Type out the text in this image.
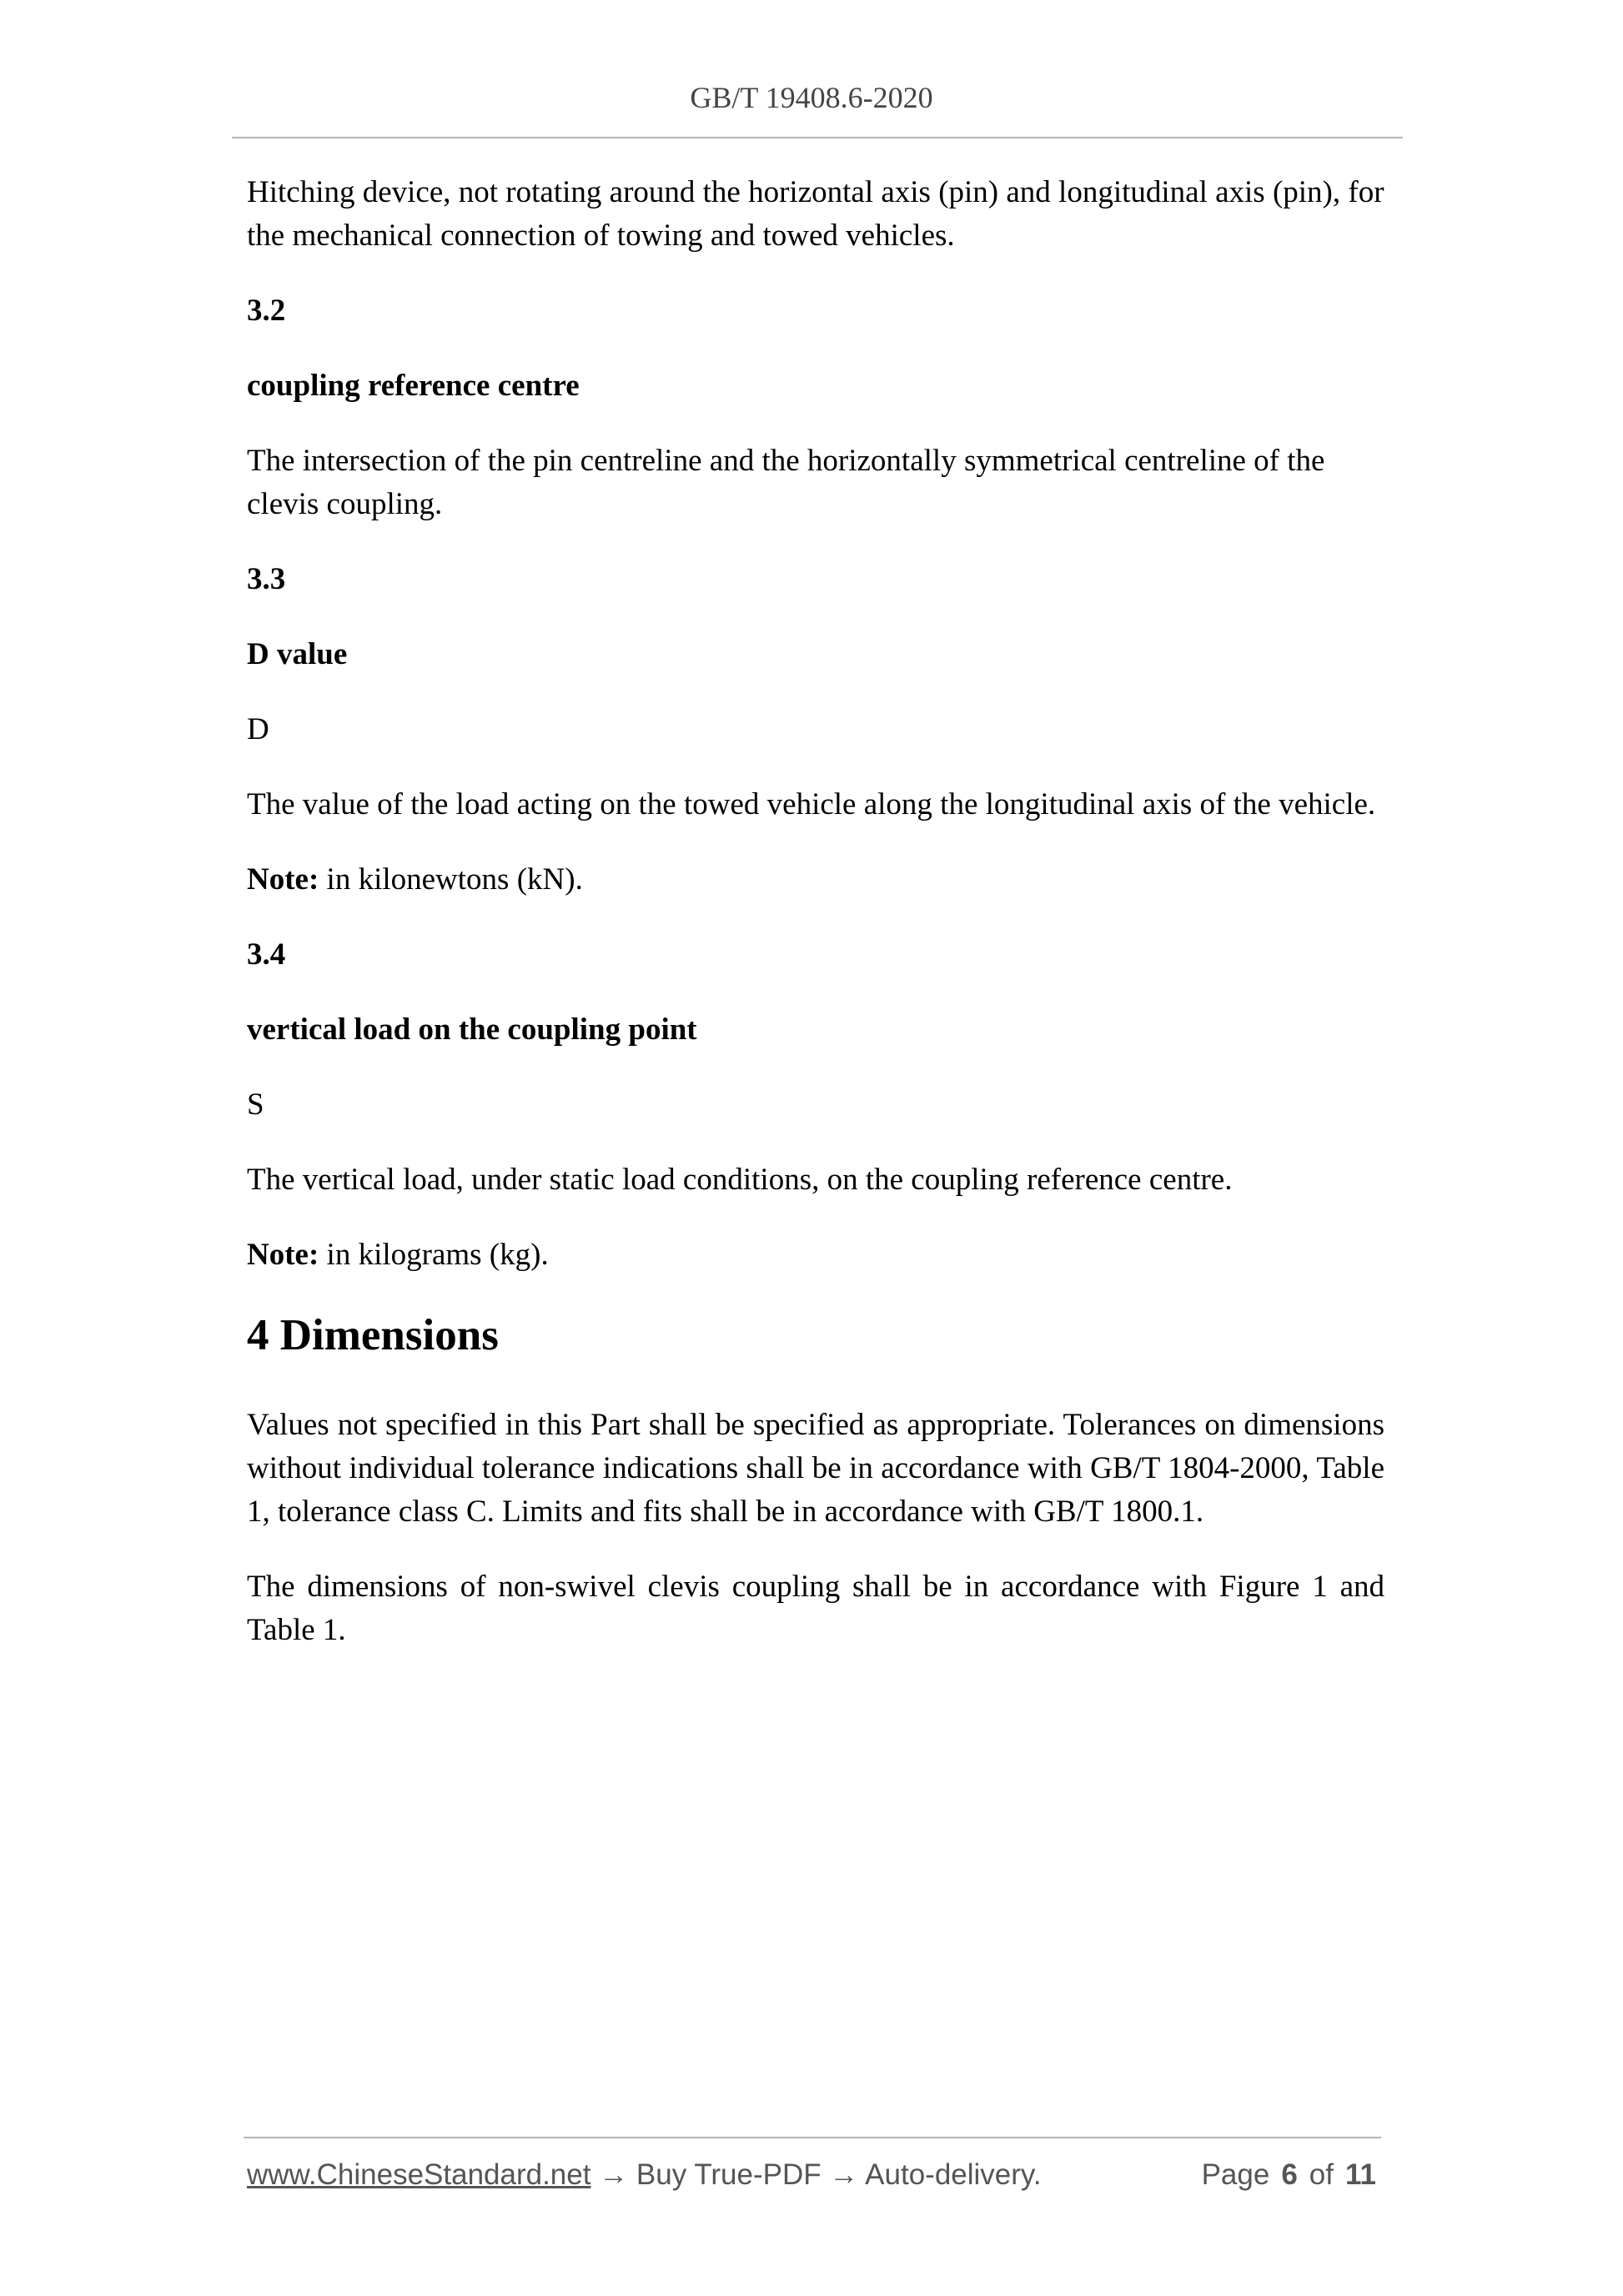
GB/T 19408.6-2020

Hitching device, not rotating around the horizontal axis (pin) and longitudinal axis (pin), for the mechanical connection of towing and towed vehicles.

3.2

coupling reference centre

The intersection of the pin centreline and the horizontally symmetrical centreline of the clevis coupling.

3.3

D value

D

The value of the load acting on the towed vehicle along the longitudinal axis of the vehicle.

Note: in kilonewtons (kN).

3.4

vertical load on the coupling point

S

The vertical load, under static load conditions, on the coupling reference centre.

Note: in kilograms (kg).

4 Dimensions

Values not specified in this Part shall be specified as appropriate. Tolerances on dimensions without individual tolerance indications shall be in accordance with GB/T 1804-2000, Table 1, tolerance class C. Limits and fits shall be in accordance with GB/T 1800.1.

The dimensions of non-swivel clevis coupling shall be in accordance with Figure 1 and Table 1.

www.ChineseStandard.net → Buy True-PDF → Auto-delivery.	Page 6 of 11
